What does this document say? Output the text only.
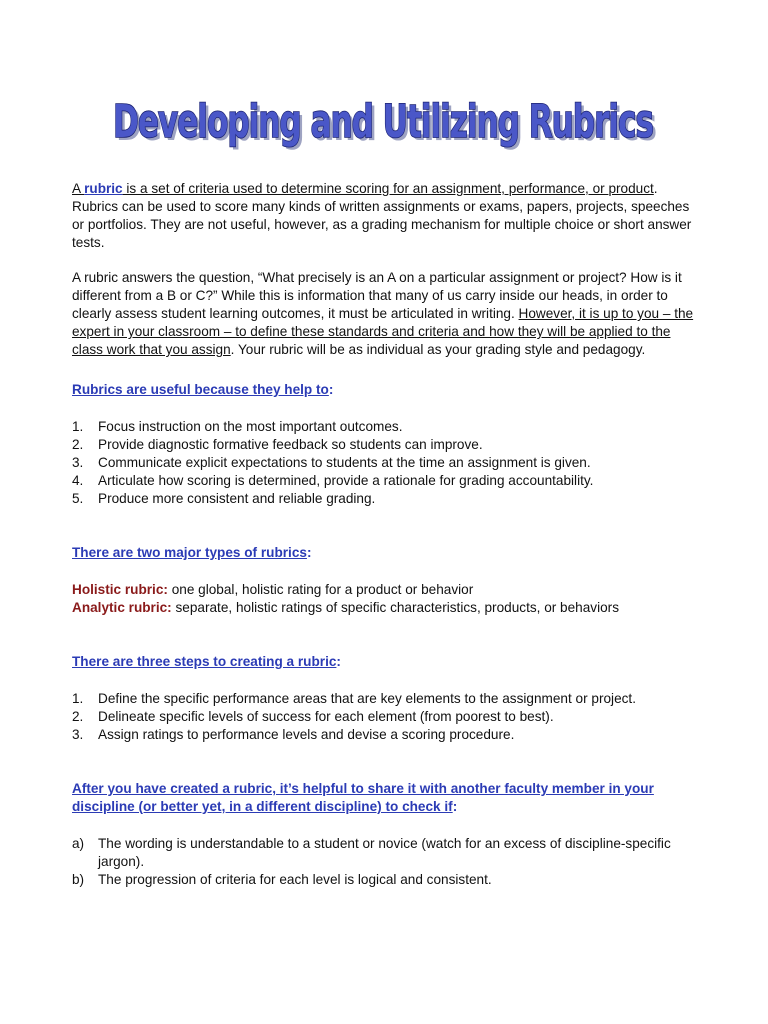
Developing and Utilizing Rubrics
Developing and Utilizing Rubrics

A rubric is a set of criteria used to determine scoring for an assignment, performance, or product. Rubrics can be used to score many kinds of written assignments or exams, papers, projects, speeches or portfolios. They are not useful, however, as a grading mechanism for multiple choice or short answer tests.

A rubric answers the question, “What precisely is an A on a particular assignment or project? How is it different from a B or C?” While this is information that many of us carry inside our heads, in order to clearly assess student learning outcomes, it must be articulated in writing. However, it is up to you – the expert in your classroom – to define these standards and criteria and how they will be applied to the class work that you assign. Your rubric will be as individual as your grading style and pedagogy.

Rubrics are useful because they help to:

1.	Focus instruction on the most important outcomes.
2.	Provide diagnostic formative feedback so students can improve.
3.	Communicate explicit expectations to students at the time an assignment is given.
4.	Articulate how scoring is determined, provide a rationale for grading accountability.
5.	Produce more consistent and reliable grading.

There are two major types of rubrics:

Holistic rubric: one global, holistic rating for a product or behavior

Analytic rubric: separate, holistic ratings of specific characteristics, products, or behaviors

There are three steps to creating a rubric:

1.	Define the specific performance areas that are key elements to the assignment or project.
2.	Delineate specific levels of success for each element (from poorest to best).
3.	Assign ratings to performance levels and devise a scoring procedure.

After you have created a rubric, it’s helpful to share it with another faculty member in your discipline (or better yet, in a different discipline) to check if:

a)	The wording is understandable to a student or novice (watch for an excess of discipline-specific jargon).
b)	The progression of criteria for each level is logical and consistent.
